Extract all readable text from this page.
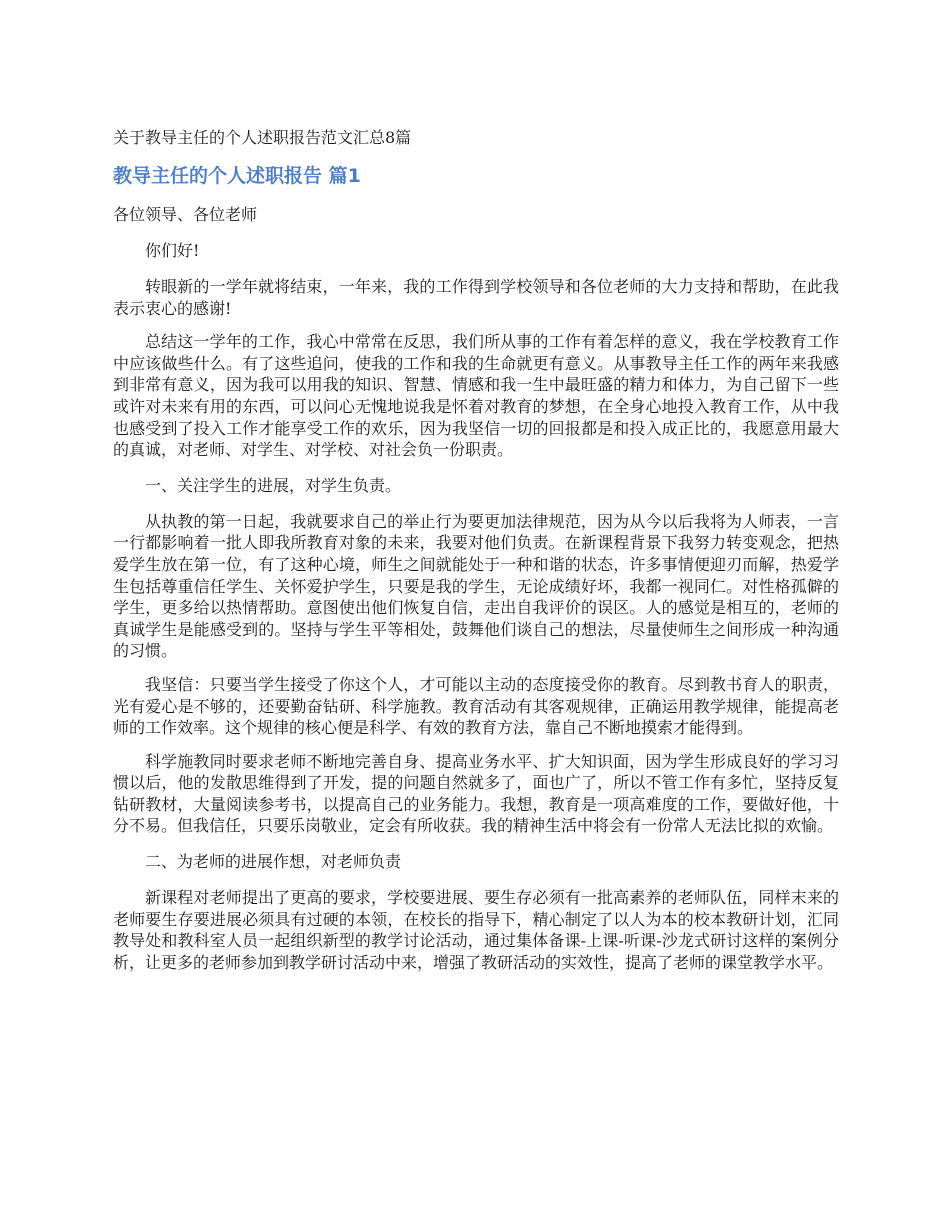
关于教导主任的个人述职报告范文汇总8篇
教导主任的个人述职报告 篇1
各位领导、各位老师

你们好!

转眼新的一学年就将结束，一年来，我的工作得到学校领导和各位老师的大力支持和帮助，在此我表示衷心的感谢!

总结这一学年的工作，我心中常常在反思，我们所从事的工作有着怎样的意义，我在学校教育工作中应该做些什么。有了这些追问，使我的工作和我的生命就更有意义。从事教导主任工作的两年来我感到非常有意义，因为我可以用我的知识、智慧、情感和我一生中最旺盛的精力和体力，为自己留下一些或许对未来有用的东西，可以问心无愧地说我是怀着对教育的梦想，在全身心地投入教育工作，从中我也感受到了投入工作才能享受工作的欢乐，因为我坚信一切的回报都是和投入成正比的，我愿意用最大的真诚，对老师、对学生、对学校、对社会负一份职责。

一、关注学生的进展，对学生负责。

从执教的第一日起，我就要求自己的举止行为要更加法律规范，因为从今以后我将为人师表，一言一行都影响着一批人即我所教育对象的未来，我要对他们负责。在新课程背景下我努力转变观念，把热爱学生放在第一位，有了这种心境，师生之间就能处于一种和谐的状态，许多事情便迎刃而解，热爱学生包括尊重信任学生、关怀爱护学生，只要是我的学生，无论成绩好坏，我都一视同仁。对性格孤僻的学生，更多给以热情帮助。意图使出他们恢复自信，走出自我评价的误区。人的感觉是相互的，老师的真诚学生是能感受到的。坚持与学生平等相处，鼓舞他们谈自己的想法，尽量使师生之间形成一种沟通的习惯。

我坚信：只要当学生接受了你这个人，才可能以主动的态度接受你的教育。尽到教书育人的职责，光有爱心是不够的，还要勤奋钻研、科学施教。教育活动有其客观规律，正确运用教学规律，能提高老师的工作效率。这个规律的核心便是科学、有效的教育方法，靠自己不断地摸索才能得到。

科学施教同时要求老师不断地完善自身、提高业务水平、扩大知识面，因为学生形成良好的学习习惯以后，他的发散思维得到了开发，提的问题自然就多了，面也广了，所以不管工作有多忙，坚持反复钻研教材，大量阅读参考书，以提高自己的业务能力。我想，教育是一项高难度的工作，要做好他，十分不易。但我信任，只要乐岗敬业，定会有所收获。我的精神生活中将会有一份常人无法比拟的欢愉。

二、为老师的进展作想，对老师负责

新课程对老师提出了更高的要求，学校要进展、要生存必须有一批高素养的老师队伍，同样末来的老师要生存要进展必须具有过硬的本领，在校长的指导下，精心制定了以人为本的校本教研计划，汇同教导处和教科室人员一起组织新型的教学讨论活动，通过集体备课-上课-听课-沙龙式研讨这样的案例分析，让更多的老师参加到教学研讨活动中来，增强了教研活动的实效性，提高了老师的课堂教学水平。
